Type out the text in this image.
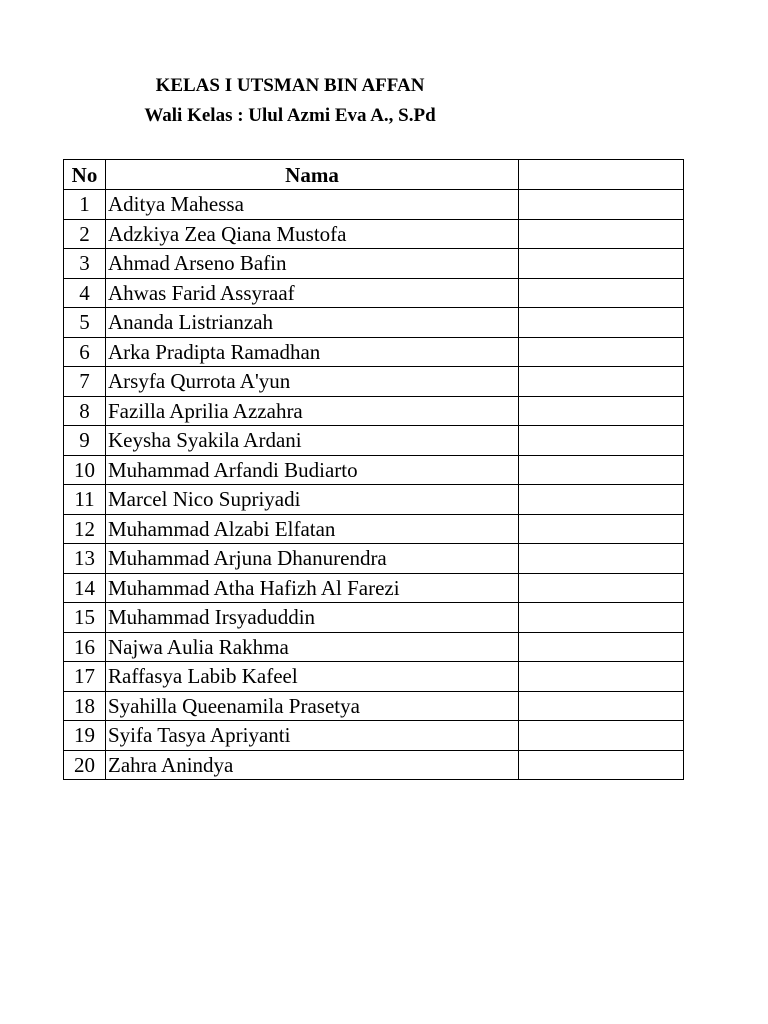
KELAS I UTSMAN BIN AFFAN
Wali Kelas : Ulul Azmi Eva A., S.Pd
No	Nama	
1	Aditya Mahessa	
2	Adzkiya Zea Qiana Mustofa	
3	Ahmad Arseno Bafin	
4	Ahwas Farid Assyraaf	
5	Ananda Listrianzah	
6	Arka Pradipta Ramadhan	
7	Arsyfa Qurrota A'yun	
8	Fazilla Aprilia Azzahra	
9	Keysha Syakila Ardani	
10	Muhammad Arfandi Budiarto	
11	Marcel Nico Supriyadi	
12	Muhammad Alzabi Elfatan	
13	Muhammad Arjuna Dhanurendra	
14	Muhammad Atha Hafizh Al Farezi	
15	Muhammad Irsyaduddin	
16	Najwa Aulia Rakhma	
17	Raffasya Labib Kafeel	
18	Syahilla Queenamila Prasetya	
19	Syifa Tasya Apriyanti	
20	Zahra Anindya	
